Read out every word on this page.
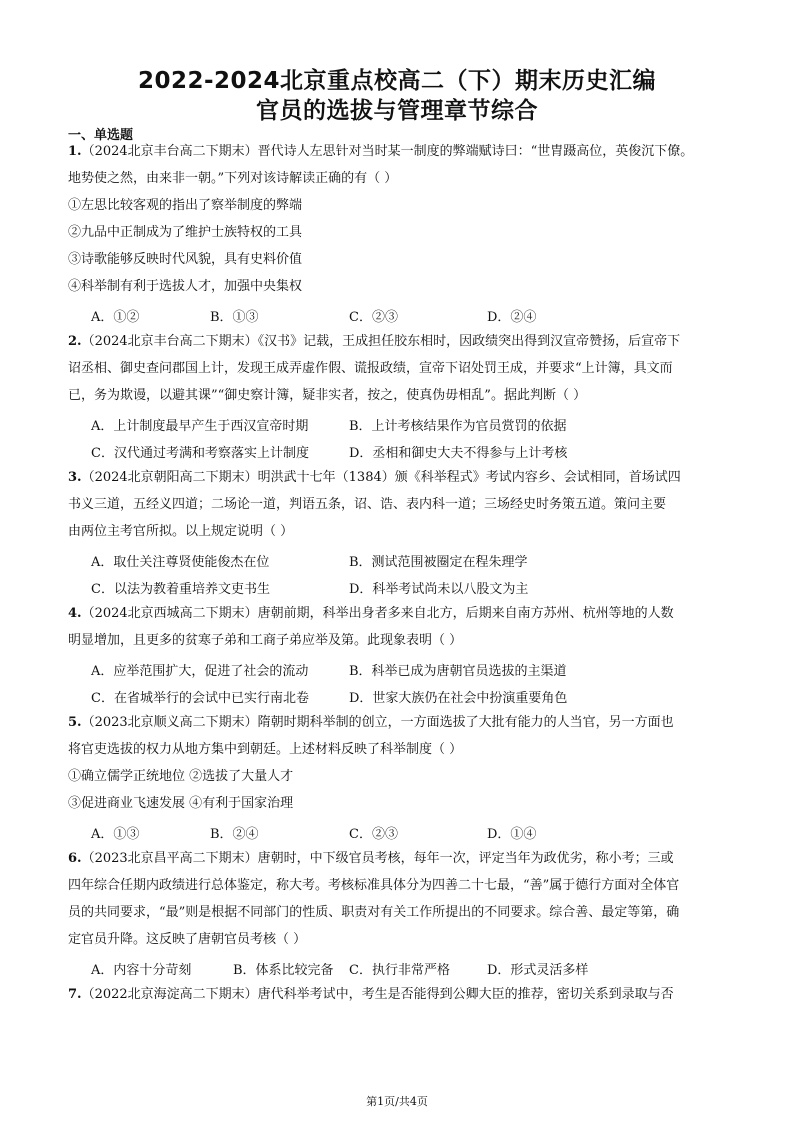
2022-2024北京重点校高二（下）期末历史汇编
官员的选拔与管理章节综合
一、单选题
1.（2024北京丰台高二下期末）晋代诗人左思针对当时某一制度的弊端赋诗曰：“世胄蹑高位，英俊沉下僚。
地势使之然，由来非一朝。”下列对该诗解读正确的有（ ）
①左思比较客观的指出了察举制度的弊端
②九品中正制成为了维护士族特权的工具
③诗歌能够反映时代风貌，具有史料价值
④科举制有利于选拔人才，加强中央集权
A．①②	B．①③	C．②③	D．②④
2.（2024北京丰台高二下期末）《汉书》记载，王成担任胶东相时，因政绩突出得到汉宣帝赞扬，后宣帝下
诏丞相、御史查问郡国上计，发现王成弄虚作假、谎报政绩，宣帝下诏处罚王成，并要求“上计簿，具文而
已，务为欺谩，以避其课”“御史察计簿，疑非实者，按之，使真伪毋相乱”。据此判断（ ）
A．上计制度最早产生于西汉宣帝时期	B．上计考核结果作为官员赏罚的依据
C．汉代通过考满和考察落实上计制度	D．丞相和御史大夫不得参与上计考核
3.（2024北京朝阳高二下期末）明洪武十七年（1384）颁《科举程式》考试内容乡、会试相同，首场试四
书义三道，五经义四道；二场论一道，判语五条，诏、诰、表内科一道；三场经史时务策五道。策问主要
由两位主考官所拟。以上规定说明（ ）
A．取仕关注尊贤使能俊杰在位	B．测试范围被圈定在程朱理学
C．以法为教着重培养文吏书生	D．科举考试尚未以八股文为主
4.（2024北京西城高二下期末）唐朝前期，科举出身者多来自北方，后期来自南方苏州、杭州等地的人数
明显增加，且更多的贫寒子弟和工商子弟应举及第。此现象表明（ ）
A．应举范围扩大，促进了社会的流动	B．科举已成为唐朝官员选拔的主渠道
C．在省城举行的会试中已实行南北卷	D．世家大族仍在社会中扮演重要角色
5.（2023北京顺义高二下期末）隋朝时期科举制的创立，一方面选拔了大批有能力的人当官，另一方面也
将官吏选拔的权力从地方集中到朝廷。上述材料反映了科举制度（ ）
①确立儒学正统地位 ②选拔了大量人才
③促进商业飞速发展 ④有利于国家治理
A．①③	B．②④	C．②③	D．①④
6.（2023北京昌平高二下期末）唐朝时，中下级官员考核，每年一次，评定当年为政优劣，称小考；三或
四年综合任期内政绩进行总体鉴定，称大考。考核标准具体分为四善二十七最，“善”属于德行方面对全体官
员的共同要求，“最”则是根据不同部门的性质、职责对有关工作所提出的不同要求。综合善、最定等第，确
定官员升降。这反映了唐朝官员考核（ ）
A．内容十分苛刻	B．体系比较完备 C．执行非常严格	D．形式灵活多样
7.（2022北京海淀高二下期末）唐代科举考试中，考生是否能得到公卿大臣的推荐，密切关系到录取与否
第1页/共4页
